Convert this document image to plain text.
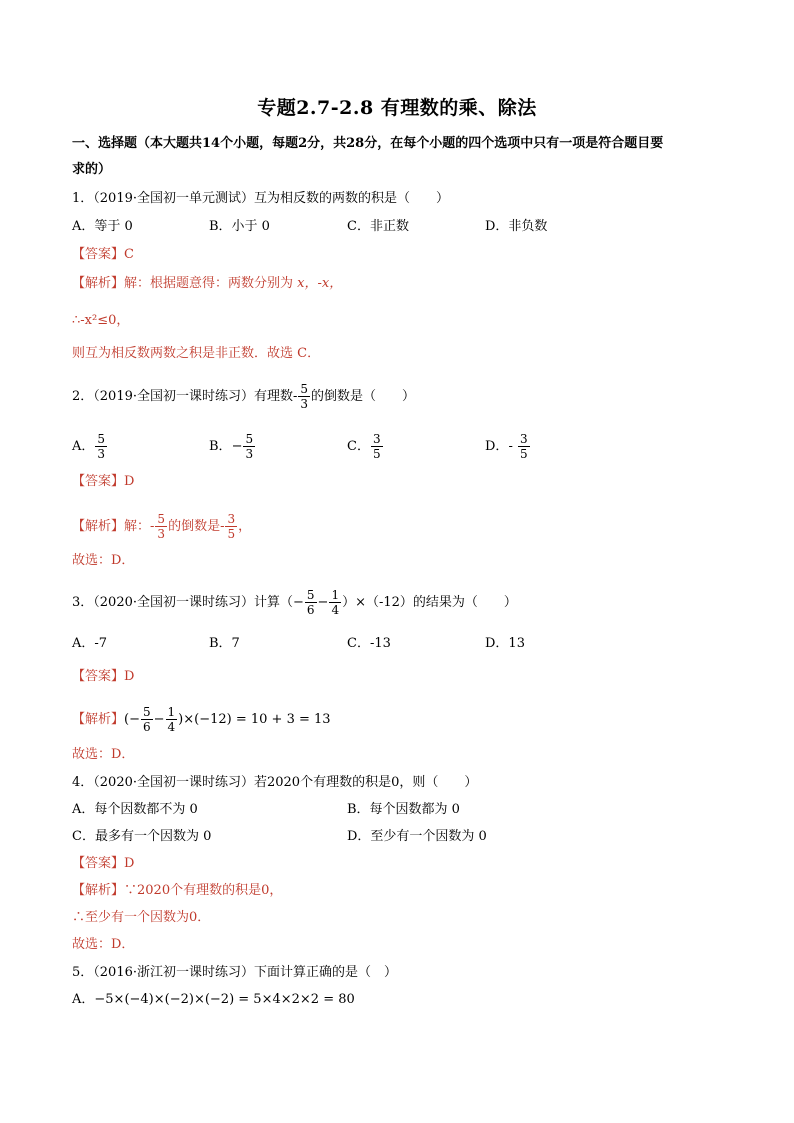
专题2.7-2.8 有理数的乘、除法
一、选择题（本大题共14个小题，每题2分，共28分，在每个小题的四个选项中只有一项是符合题目要
求的）
1．（2019·全国初一单元测试）互为相反数的两数的积是（　　）
A．等于 0	B．小于 0	C．非正数	D．非负数
【答案】C
【解析】解：根据题意得：两数分别为 x，-x，
∴-x²≤0，
则互为相反数两数之积是非正数．故选 C．
2．（2019·全国初一课时练习）有理数- $\frac{5}{3}$ 的倒数是（　　）
A． $\frac{5}{3}$	B．− $\frac{5}{3}$	C． $\frac{3}{5}$	D．- $\frac{3}{5}$
【答案】D
【解析】解：- $\frac{5}{3}$ 的倒数是- $\frac{3}{5}$ ，
故选：D．
3．（2020·全国初一课时练习）计算（− $\frac{5}{6} - \frac{1}{4} )\times(-12)$的结果为（　　）
A．-7	B．7	C．-13	D．13
【答案】D
【解析】(− $\frac{5}{6} - \frac{1}{4} )\times(-12) = 10 + 3 = 13$
故选：D．
4．（2020·全国初一课时练习）若2020个有理数的积是0，则（　　）
A．每个因数都不为 0	B．每个因数都为 0
C．最多有一个因数为 0	D．至少有一个因数为 0
【答案】D
【解析】∵2020个有理数的积是0，
∴至少有一个因数为0．
故选：D．
5．（2016·浙江初一课时练习）下面计算正确的是（　）
A．−5×(−4)×(−2)×(−2) = 5×4×2×2 = 80
